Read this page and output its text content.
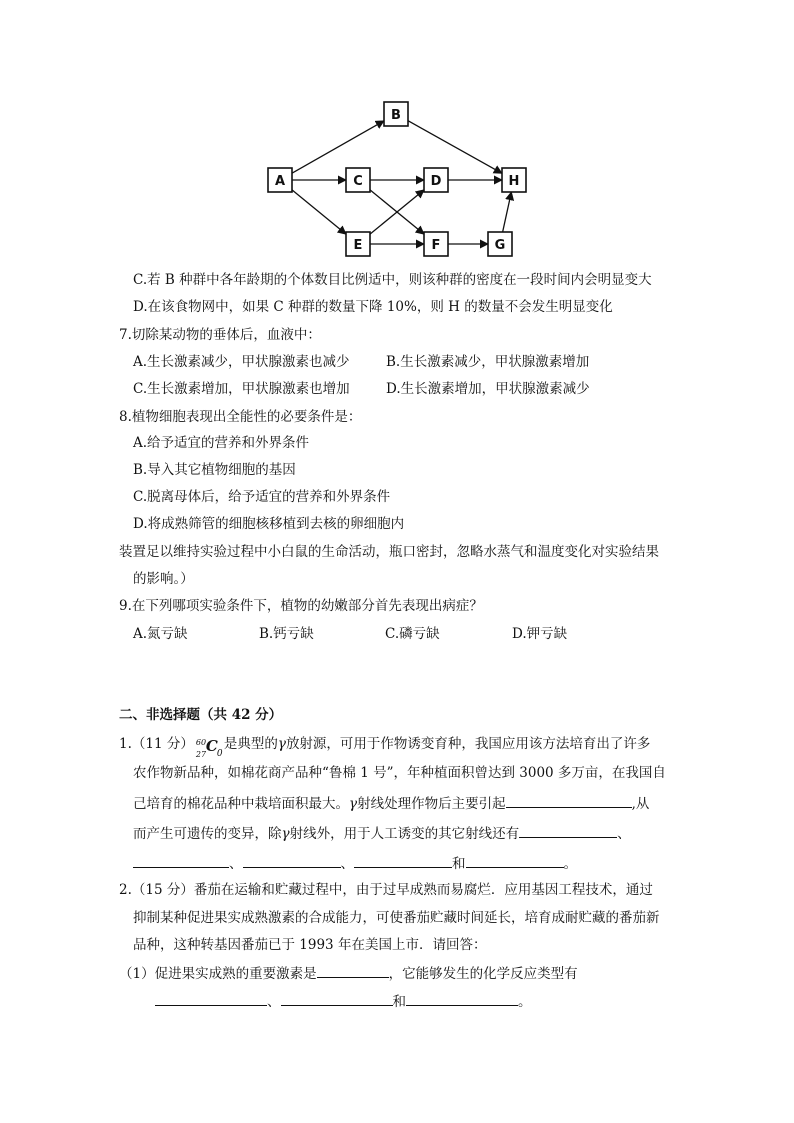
A
B
C	D
E	F	G
H
C.若 B 种群中各年龄期的个体数目比例适中，则该种群的密度在一段时间内会明显变大
D.在该食物网中，如果 C 种群的数量下降 10%，则 H 的数量不会发生明显变化
7.切除某动物的垂体后，血液中：
A.生长激素减少，甲状腺激素也减少	B.生长激素减少，甲状腺激素增加
C.生长激素增加，甲状腺激素也增加	D.生长激素增加，甲状腺激素减少
8.植物细胞表现出全能性的必要条件是：
A.给予适宜的营养和外界条件
B.导入其它植物细胞的基因
C.脱离母体后，给予适宜的营养和外界条件
D.将成熟筛管的细胞核移植到去核的卵细胞内
装置足以维持实验过程中小白鼠的生命活动，瓶口密封，忽略水蒸气和温度变化对实验结果
的影响。）
9.在下列哪项实验条件下，植物的幼嫩部分首先表现出病症？
A.氮亏缺	B.钙亏缺	C.磷亏缺	D.钾亏缺
二、非选择题（共 42 分）
1.（11 分） 60
27 C 0
是典型的γ放射源，可用于作物诱变育种，我国应用该方法培育出了许多
农作物新品种，如棉花商产品种“鲁棉 1 号”，年种植面积曾达到 3000 多万亩，在我国自
己培育的棉花品种中栽培面积最大。γ射线处理作物后主要引起	,从
而产生可遗传的变异，除γ射线外，用于人工诱变的其它射线还有	、
、	、	和	。
2.（15 分）番茄在运输和贮藏过程中，由于过早成熟而易腐烂．应用基因工程技术，通过
抑制某种促进果实成熟激素的合成能力，可使番茄贮藏时间延长，培育成耐贮藏的番茄新
品种，这种转基因番茄已于 1993 年在美国上市．请回答：
（1）促进果实成熟的重要激素是	，它能够发生的化学反应类型有
、	和	。
